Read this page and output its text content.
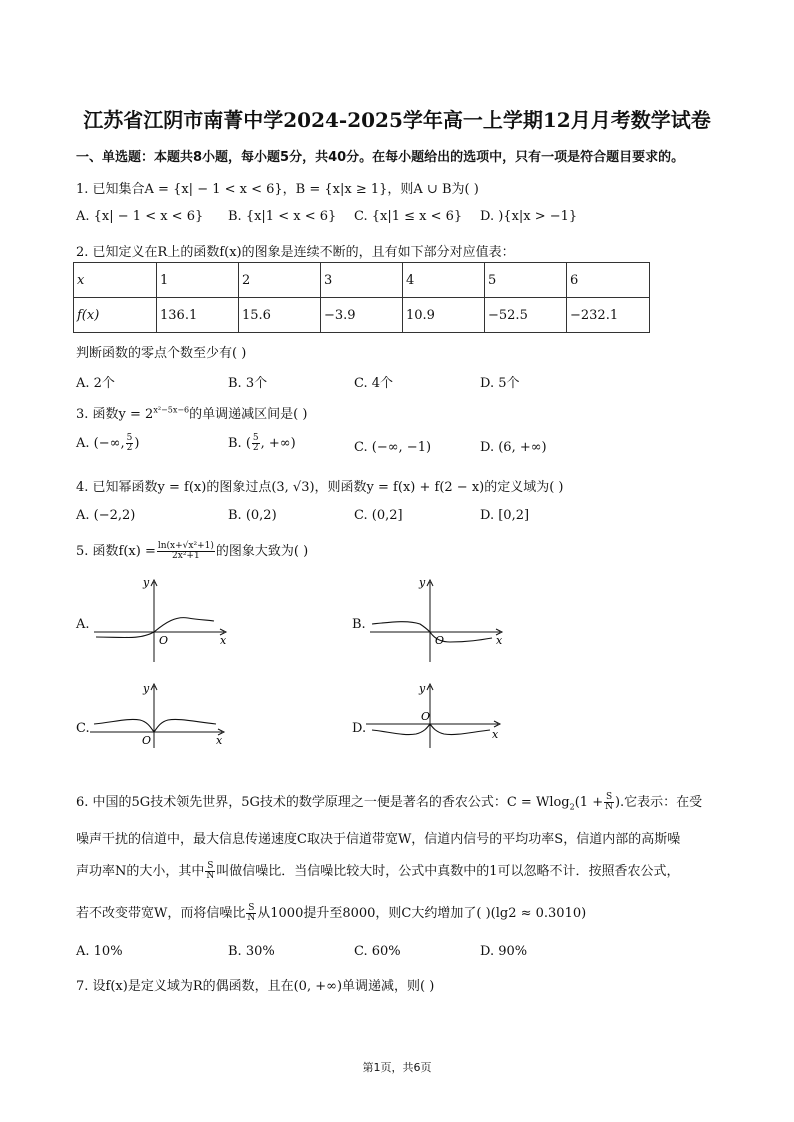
江苏省江阴市南菁中学2024-2025学年高一上学期12月月考数学试卷
一、单选题：本题共8小题，每小题5分，共40分。在每小题给出的选项中，只有一项是符合题目要求的。
1. 已知集合A = {x| − 1 < x < 6}，B = {x|x ≥ 1}，则A ∪ B为( )
A. {x| − 1 < x < 6} B. {x|1 < x < 6} C. {x|1 ≤ x < 6} D. ){x|x > −1}
2. 已知定义在R上的函数f(x)的图象是连续不断的，且有如下部分对应值表：
x	1	2	3	4	5	6
f(x)	136.1	15.6	−3.9	10.9	−52.5	−232.1
判断函数的零点个数至少有( )
A. 2个	B. 3个	C. 4个	D. 5个
3. 函数$y = 2^{x^2-5x-6}$的单调递减区间是( )
A. (−∞, $\frac{5}{2}$ )	B. ( $\frac{5}{2}$ , +∞)	C. (−∞, −1)	D. (6, +∞)
4. 已知幂函数y = f(x)的图象过点(3, √3)，则函数y = f(x) + f(2 − x)的定义域为( )
A. (−2,2)	B. (0,2)	C. (0,2]	D. [0,2]
5. 函数$f(x) = \frac{\text{ln(x+√x²+1)}}{\text{2x²+1}}$ 的图象大致为( )
A.
x
y
O
B.
x
y
O
C.
x
y
O
D.	x
y
O
6. 中国的5G技术领先世界，5G技术的数学原理之一便是著名的香农公式：$C = Wlog_2(1 + \frac{S}{N}$ ).它表示：在受
噪声干扰的信道中，最大信息传递速度C取决于信道带宽W，信道内信号的平均功率S，信道内部的高斯噪
声功率N的大小，其中 $\frac{S}{N}$ 叫做信噪比．当信噪比较大时，公式中真数中的1可以忽略不计．按照香农公式，
若不改变带宽W，而将信噪比 $\frac{S}{N}$ 从1000提升至8000，则C大约增加了( )(lg2 ≈ 0.3010)
A. 10%	B. 30%	C. 60%	D. 90%
7. 设f(x)是定义域为R的偶函数，且在(0, +∞)单调递减，则( )
第1页，共6页
